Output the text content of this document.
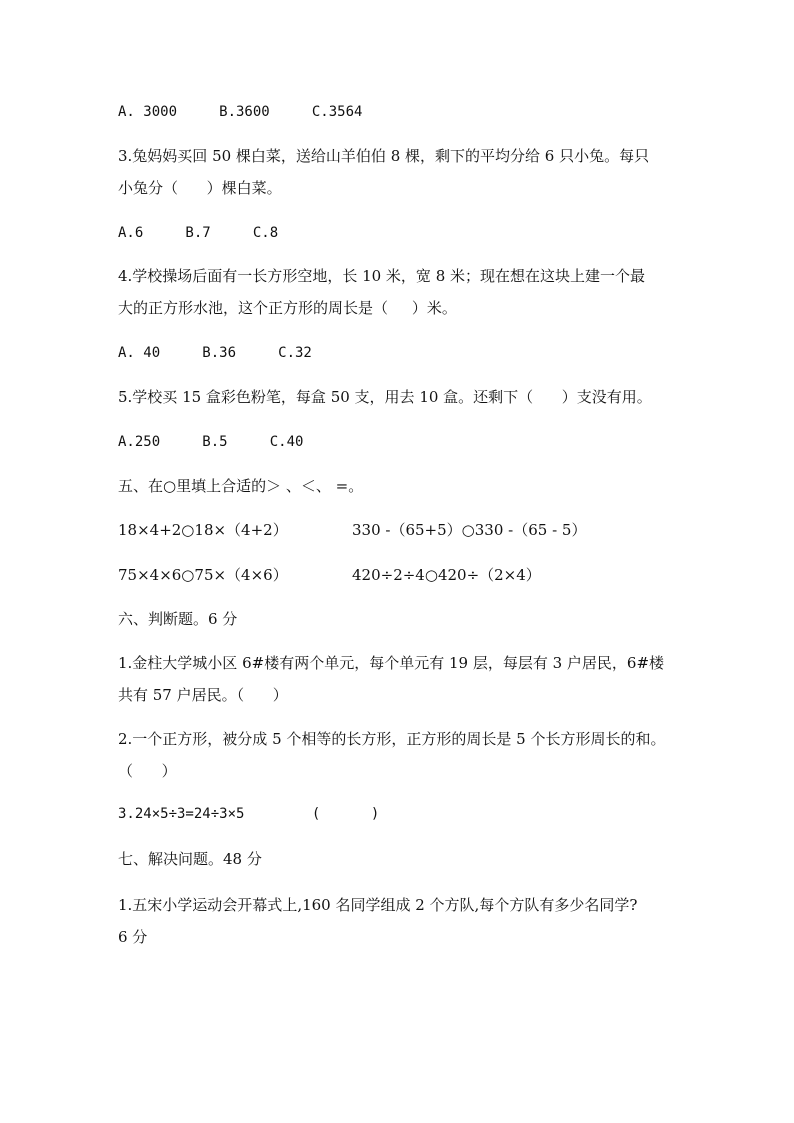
A. 3000     B.3600     C.3564
3.兔妈妈买回 50 棵白菜，送给山羊伯伯 8 棵，剩下的平均分给 6 只小兔。每只
小兔分（      ）棵白菜。
A.6     B.7     C.8
4.学校操场后面有一长方形空地，长 10 米，宽 8 米；现在想在这块上建一个最
大的正方形水池，这个正方形的周长是（     ）米。
A. 40     B.36     C.32
5.学校买 15 盒彩色粉笔，每盒 50 支，用去 10 盒。还剩下（      ）支没有用。
A.250     B.5     C.40
五、在○里填上合适的＞ 、＜、 =。
18×4+2○18×（4+2）	330 -（65+5）○330 -（65 - 5）
75×4×6○75×（4×6）	420÷2÷4○420÷（2×4）
六、判断题。6 分
1.金柱大学城小区 6#楼有两个单元，每个单元有 19 层，每层有 3 户居民，6#楼
共有 57 户居民。（      ）
2.一个正方形，被分成 5 个相等的长方形，正方形的周长是 5 个长方形周长的和。
（      ）
3.24×5÷3=24÷3×5        (      )
七、解决问题。48 分
1.五宋小学运动会开幕式上,160 名同学组成 2 个方队,每个方队有多少名同学?
6 分
